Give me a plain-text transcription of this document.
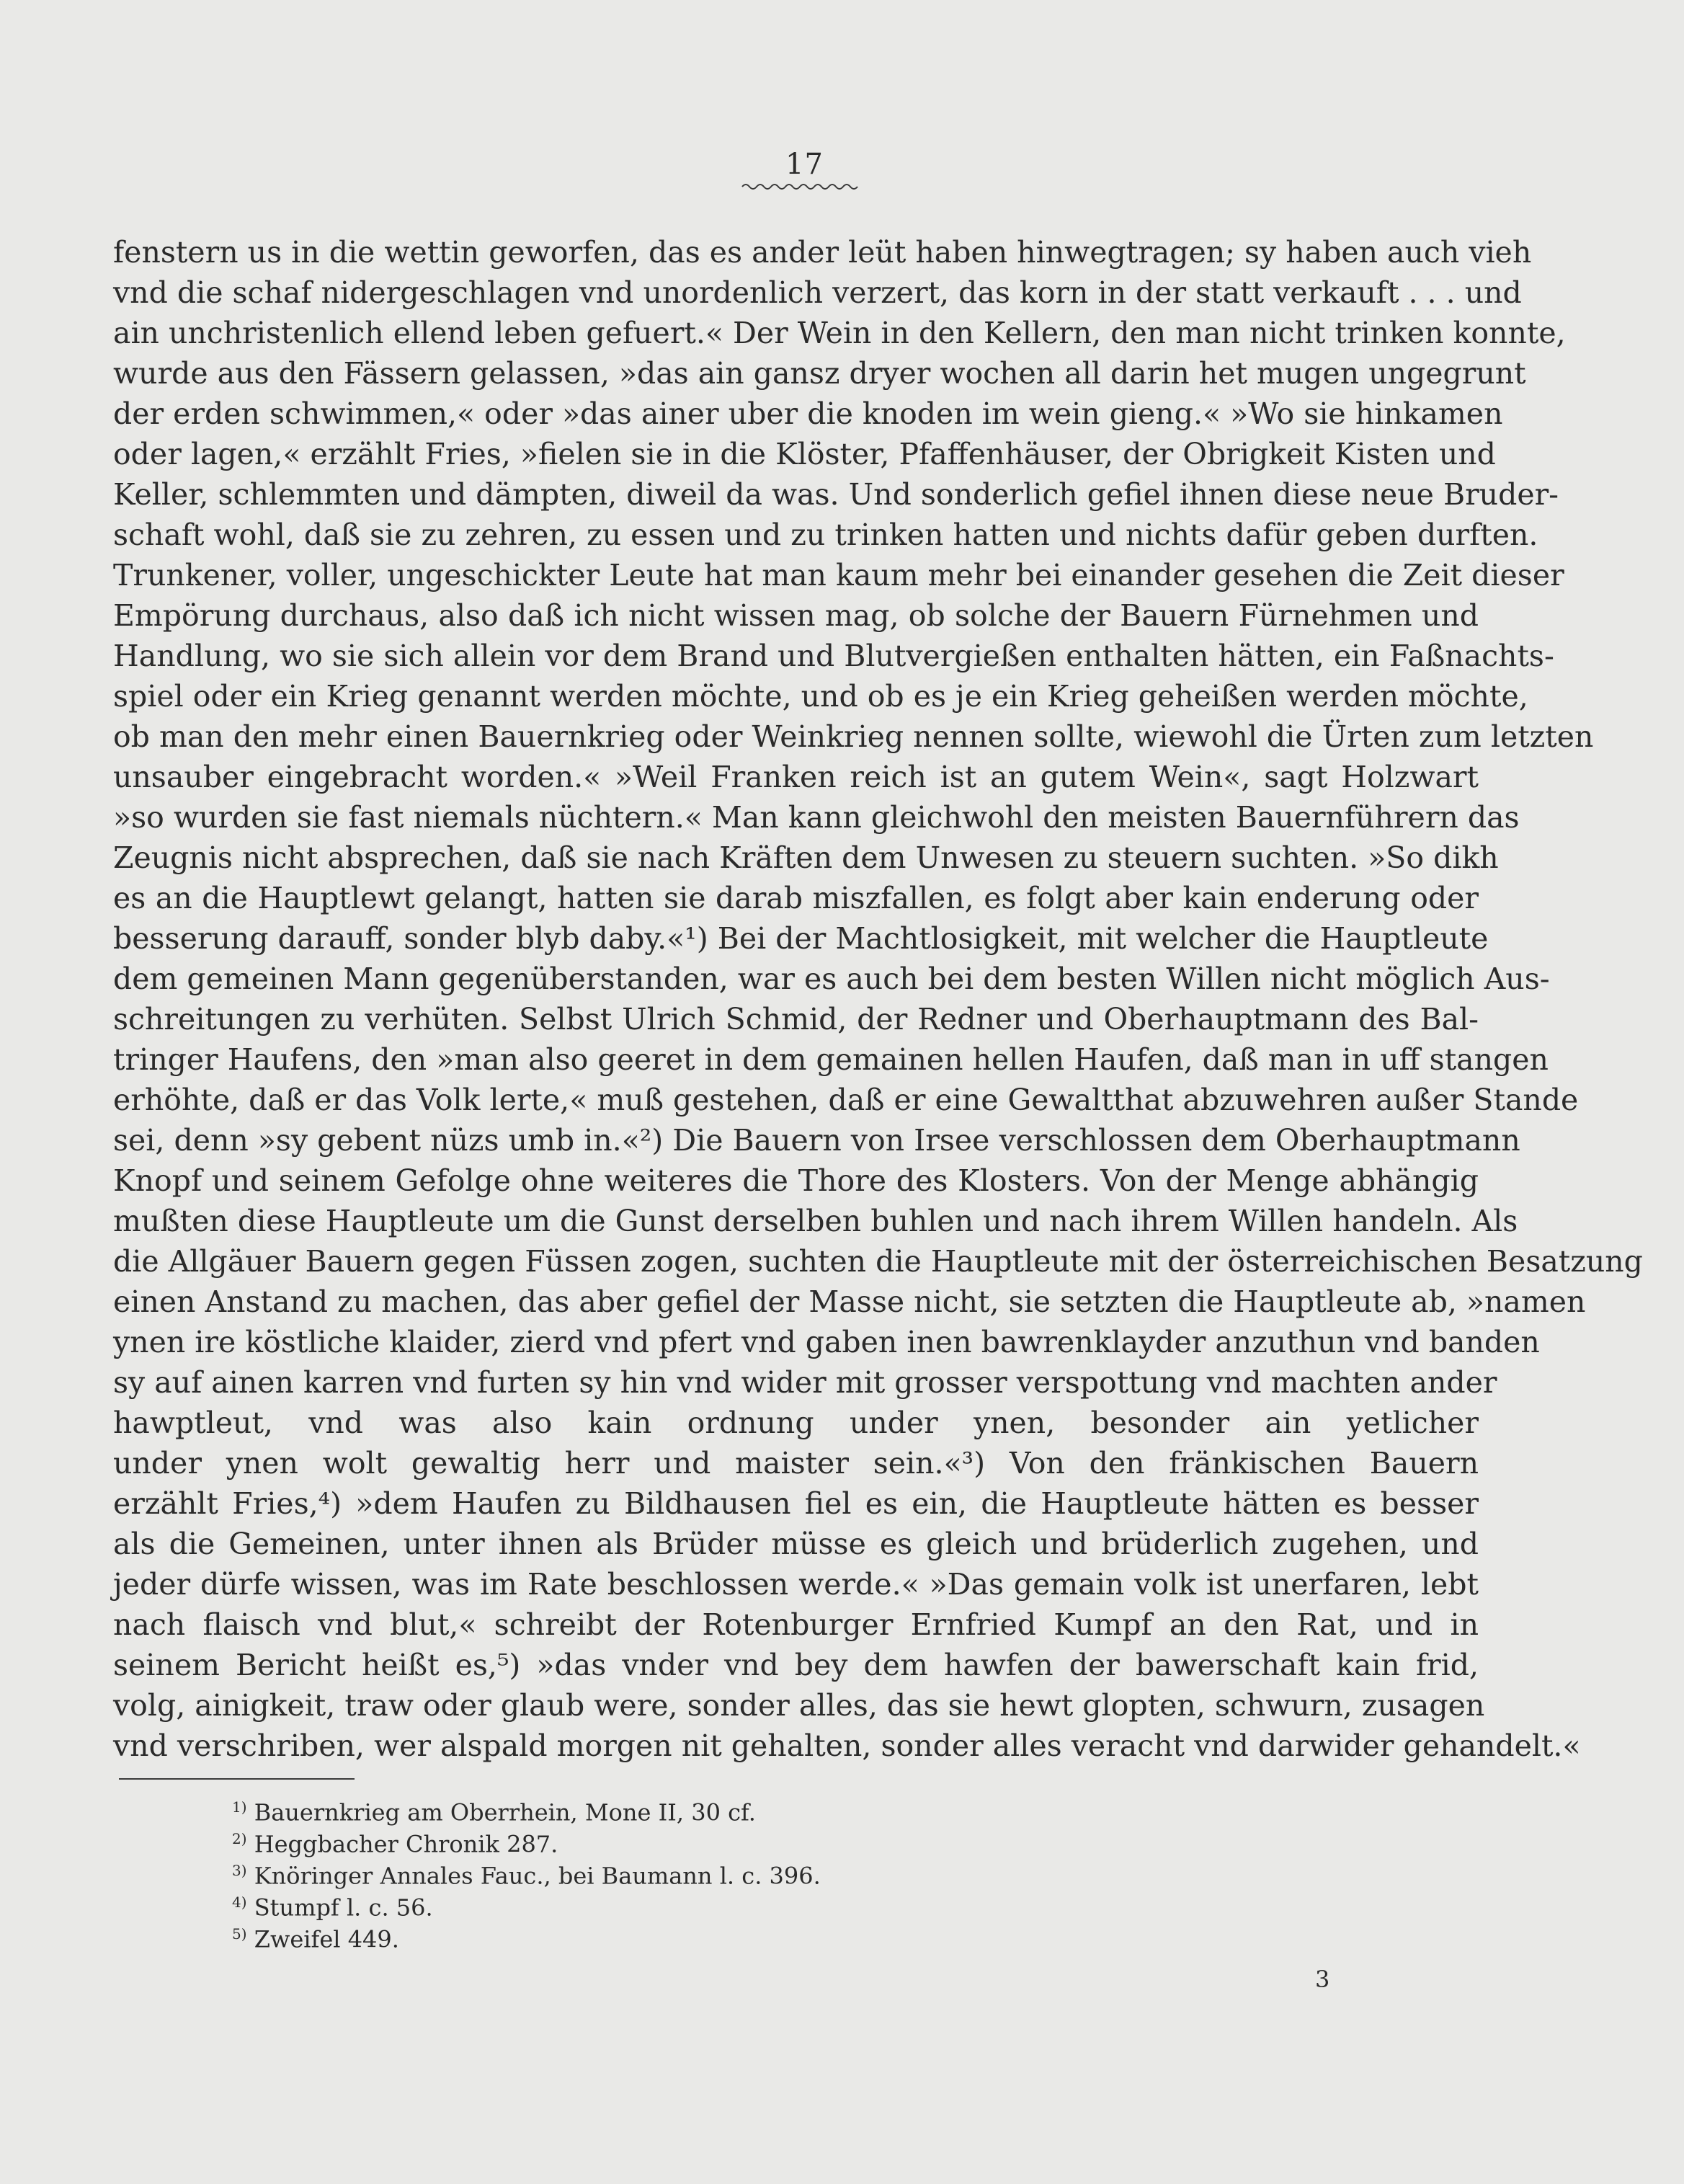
17
fenstern us in die wettin geworfen, das es ander leüt haben hinwegtragen; sy haben auch vieh
vnd die schaf nidergeschlagen vnd unordenlich verzert, das korn in der statt verkauft . . . und
ain unchristenlich ellend leben gefuert.« Der Wein in den Kellern, den man nicht trinken konnte,
wurde aus den Fässern gelassen, »das ain gansz dryer wochen all darin het mugen ungegrunt
der erden schwimmen,« oder »das ainer uber die knoden im wein gieng.« »Wo sie hinkamen
oder lagen,« erzählt Fries, »fielen sie in die Klöster, Pfaffenhäuser, der Obrigkeit Kisten und
Keller, schlemmten und dämpten, diweil da was. Und sonderlich gefiel ihnen diese neue Bruder-
schaft wohl, daß sie zu zehren, zu essen und zu trinken hatten und nichts dafür geben durften.
Trunkener, voller, ungeschickter Leute hat man kaum mehr bei einander gesehen die Zeit dieser
Empörung durchaus, also daß ich nicht wissen mag, ob solche der Bauern Fürnehmen und
Handlung, wo sie sich allein vor dem Brand und Blutvergießen enthalten hätten, ein Faßnachts-
spiel oder ein Krieg genannt werden möchte, und ob es je ein Krieg geheißen werden möchte,
ob man den mehr einen Bauernkrieg oder Weinkrieg nennen sollte, wiewohl die Ürten zum letzten
unsauber eingebracht worden.« »Weil Franken reich ist an gutem Wein«, sagt Holzwart
»so wurden sie fast niemals nüchtern.« Man kann gleichwohl den meisten Bauernführern das
Zeugnis nicht absprechen, daß sie nach Kräften dem Unwesen zu steuern suchten. »So dikh
es an die Hauptlewt gelangt, hatten sie darab miszfallen, es folgt aber kain enderung oder
besserung darauff, sonder blyb daby.«¹) Bei der Machtlosigkeit, mit welcher die Hauptleute
dem gemeinen Mann gegenüberstanden, war es auch bei dem besten Willen nicht möglich Aus-
schreitungen zu verhüten. Selbst Ulrich Schmid, der Redner und Oberhauptmann des Bal-
tringer Haufens, den »man also geeret in dem gemainen hellen Haufen, daß man in uff stangen
erhöhte, daß er das Volk lerte,« muß gestehen, daß er eine Gewaltthat abzuwehren außer Stande
sei, denn »sy gebent nüzs umb in.«²) Die Bauern von Irsee verschlossen dem Oberhauptmann
Knopf und seinem Gefolge ohne weiteres die Thore des Klosters. Von der Menge abhängig
mußten diese Hauptleute um die Gunst derselben buhlen und nach ihrem Willen handeln. Als
die Allgäuer Bauern gegen Füssen zogen, suchten die Hauptleute mit der österreichischen Besatzung
einen Anstand zu machen, das aber gefiel der Masse nicht, sie setzten die Hauptleute ab, »namen
ynen ire köstliche klaider, zierd vnd pfert vnd gaben inen bawrenklayder anzuthun vnd banden
sy auf ainen karren vnd furten sy hin vnd wider mit grosser verspottung vnd machten ander
hawptleut, vnd was also kain ordnung under ynen, besonder ain yetlicher
under ynen wolt gewaltig herr und maister sein.«³) Von den fränkischen Bauern
erzählt Fries,⁴) »dem Haufen zu Bildhausen fiel es ein, die Hauptleute hätten es besser
als die Gemeinen, unter ihnen als Brüder müsse es gleich und brüderlich zugehen, und
jeder dürfe wissen, was im Rate beschlossen werde.« »Das gemain volk ist unerfaren, lebt
nach flaisch vnd blut,« schreibt der Rotenburger Ernfried Kumpf an den Rat, und in
seinem Bericht heißt es,⁵) »das vnder vnd bey dem hawfen der bawerschaft kain frid,
volg, ainigkeit, traw oder glaub were, sonder alles, das sie hewt glopten, schwurn, zusagen
vnd verschriben, wer alspald morgen nit gehalten, sonder alles veracht vnd darwider gehandelt.«
$^{1)}$ Bauernkrieg am Oberrhein, Mone II, 30 cf.
$^{2)}$ Heggbacher Chronik 287.
$^{3)}$ Knöringer Annales Fauc., bei Baumann l. c. 396.
$^{4)}$ Stumpf l. c. 56.
$^{5)}$ Zweifel 449.
3
